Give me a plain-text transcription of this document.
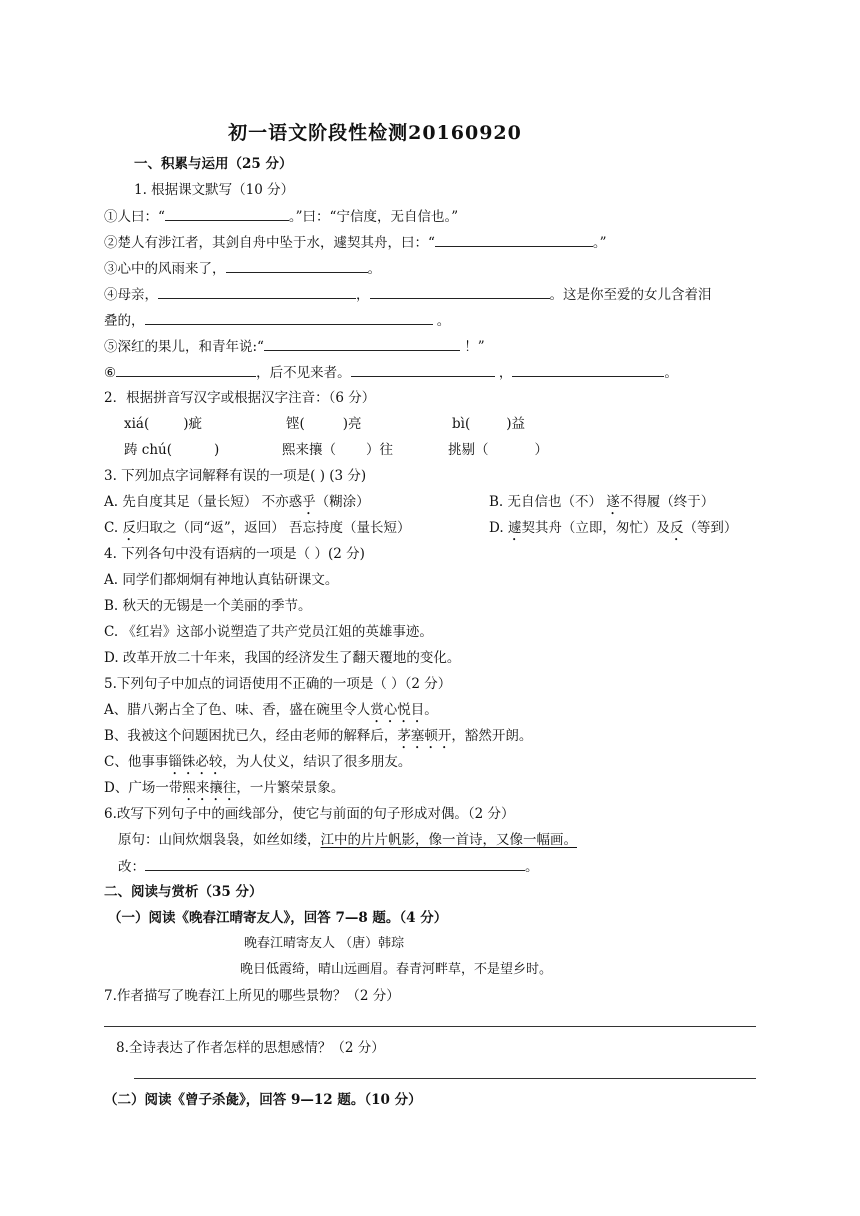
初一语文阶段性检测20160920
一、积累与运用（25 分）
1. 根据课文默写（10 分）
①人曰：“	。”曰：“宁信度，无自信也。”
②楚人有涉江者，其剑自舟中坠于水，遽契其舟，曰：“	。”
③心中的风雨来了，	。
④母亲，	，	。这是你至爱的女儿含着泪
叠的，	。
⑤深红的果儿，和青年说:“	！”
⑥	，后不见来者。	，	。
2．根据拼音写汉字或根据汉字注音：（6 分）
xiá(	)疵	铿(	)亮	bì(	)益
踌 chú(	)	熙来攘（ ）往	挑剔（	）
3. 下列加点字词解释有误的一项是( ) (3 分)
A. 先自度其足（量长短） 不亦惑乎（糊涂）	B. 无自信也（不） 遂不得履（终于）
C. 反归取之（同“返”，返回） 吾忘持度（量长短）	D. 遽契其舟（立即，匆忙）及反（等到）
4. 下列各句中没有语病的一项是（ ）(2 分)
A. 同学们都炯炯有神地认真钻研课文。
B. 秋天的无锡是一个美丽的季节。
C. 《红岩》这部小说塑造了共产党员江姐的英雄事迹。
D. 改革开放二十年来，我国的经济发生了翻天覆地的变化。
5.下列句子中加点的词语使用不正确的一项是（ ）（2 分）
A、腊八粥占全了色、味、香，盛在碗里令人赏心悦目。
B、我被这个问题困扰已久，经由老师的解释后，茅塞顿开，豁然开朗。
C、他事事锱铢必较，为人仗义，结识了很多朋友。
D、广场一带熙来攘往，一片繁荣景象。
6.改写下列句子中的画线部分，使它与前面的句子形成对偶。（2 分）
原句：山间炊烟袅袅，如丝如缕，江中的片片帆影，像一首诗，又像一幅画。
改：	。
二、阅读与赏析（35 分）
（一）阅读《晚春江晴寄友人》，回答 7—8 题。（4 分）
晚春江晴寄友人 （唐）韩琮
晚日低霞绮，晴山远画眉。春青河畔草，不是望乡时。
7.作者描写了晚春江上所见的哪些景物？（2 分）
8.全诗表达了作者怎样的思想感情？（2 分）
（二）阅读《曾子杀彘》，回答 9—12 题。（10 分）
